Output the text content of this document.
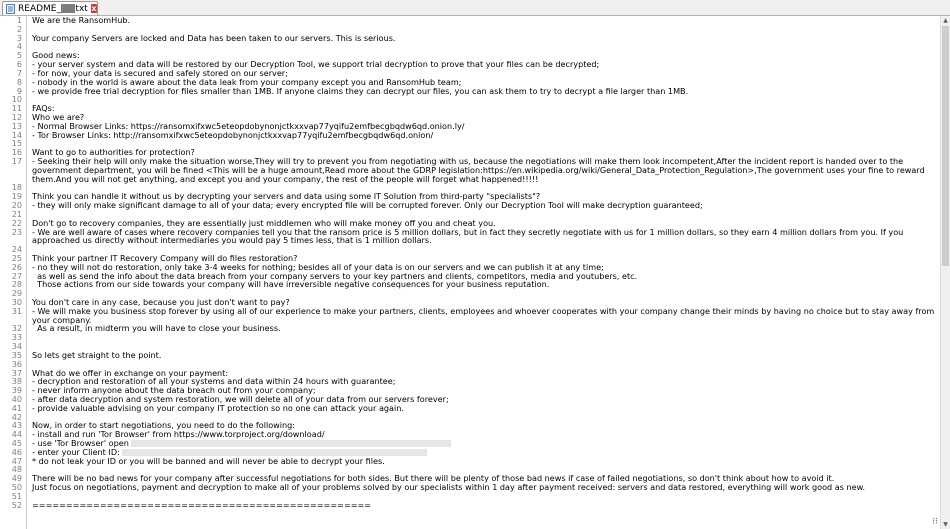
README_ txt x
1 We are the RansomHub.
2
3 Your company Servers are locked and Data has been taken to our servers. This is serious.
4
5 Good news:
6 - your server system and data will be restored by our Decryption Tool, we support trial decryption to prove that your files can be decrypted;
7 - for now, your data is secured and safely stored on our server;
8 - nobody in the world is aware about the data leak from your company except you and RansomHub team;
9 - we provide free trial decryption for files smaller than 1MB. If anyone claims they can decrypt our files, you can ask them to try to decrypt a file larger than 1MB.
10
11 FAQs:
12 Who we are?
13 - Normal Browser Links: https://ransomxifxwc5eteopdobynonjctkxxvap77yqifu2emfbecgbqdw6qd.onion.ly/
14 - Tor Browser Links: http://ransomxifxwc5eteopdobynonjctkxxvap77yqifu2emfbecgbqdw6qd.onion/
15
16 Want to go to authorities for protection?
17 - Seeking their help will only make the situation worse,They will try to prevent you from negotiating with us, because the negotiations will make them look incompetent,After the incident report is handed over to the
government department, you will be fined <This will be a huge amount,Read more about the GDRP legislation:https://en.wikipedia.org/wiki/General_Data_Protection_Regulation>,The government uses your fine to reward
them.And you will not get anything, and except you and your company, the rest of the people will forget what happened!!!!!
18
19 Think you can handle it without us by decrypting your servers and data using some IT Solution from third-party "specialists"?
20 - they will only make significant damage to all of your data; every encrypted file will be corrupted forever. Only our Decryption Tool will make decryption guaranteed;
21
22 Don't go to recovery companies, they are essentially just middlemen who will make money off you and cheat you.
23 - We are well aware of cases where recovery companies tell you that the ransom price is 5 million dollars, but in fact they secretly negotiate with us for 1 million dollars, so they earn 4 million dollars from you. If you
approached us directly without intermediaries you would pay 5 times less, that is 1 million dollars.
24
25 Think your partner IT Recovery Company will do files restoration?
26 - no they will not do restoration, only take 3-4 weeks for nothing; besides all of your data is on our servers and we can publish it at any time;
27 as well as send the info about the data breach from your company servers to your key partners and clients, competitors, media and youtubers, etc.
28 Those actions from our side towards your company will have irreversible negative consequences for your business reputation.
29
30 You don't care in any case, because you just don't want to pay?
31 - We will make you business stop forever by using all of our experience to make your partners, clients, employees and whoever cooperates with your company change their minds by having no choice but to stay away from
your company.
32 As a result, in midterm you will have to close your business.
33
34
35 So lets get straight to the point.
36
37 What do we offer in exchange on your payment:
38 - decryption and restoration of all your systems and data within 24 hours with guarantee;
39 - never inform anyone about the data breach out from your company;
40 - after data decryption and system restoration, we will delete all of your data from our servers forever;
41 - provide valuable advising on your company IT protection so no one can attack your again.
42
43 Now, in order to start negotiations, you need to do the following:
44 - install and run 'Tor Browser' from https://www.torproject.org/download/
45 - use 'Tor Browser' open
46 - enter your Client ID:
47 * do not leak your ID or you will be banned and will never be able to decrypt your files.
48
49 There will be no bad news for your company after successful negotiations for both sides. But there will be plenty of those bad news if case of failed negotiations, so don't think about how to avoid it.
50 Just focus on negotiations, payment and decryption to make all of your problems solved by our specialists within 1 day after payment received: servers and data restored, everything will work good as new.
51
52 ==================================================
▲
▼
⁝⁝
